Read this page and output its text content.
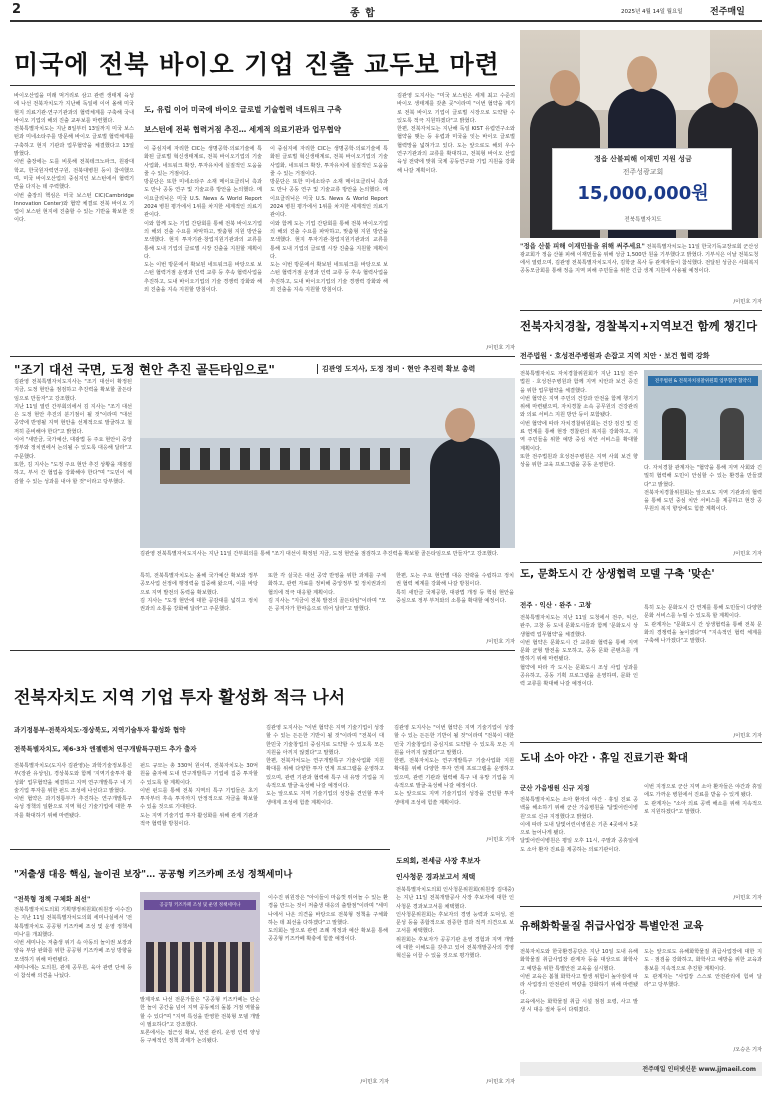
2	종 합	2025년 4월 14일 월요일	전주매일
미국에 전북 바이오 기업 진출 교두보 마련
바이오산업을 미래 먹거리로 삼고 관련 생태계 육성에 나선 전북자치도가 지난해 독일에 이어 올해 미국 현지 의료기관·연구기관과의 협력체계를 구축해 국내 바이오 기업의 해외 진출 교두보를 마련했다.
전북특별자치도는 지난 8일부터 13일까지 미국 보스턴과 미네소타주를 방문해 바이오 글로벌 협력체계를 구축하고 현지 기관과 업무협약을 체결했다고 13일 밝혔다.
이번 출장에는 도를 비롯해 전북테크노파크, 원광대학교, 한국원자력연구원, 전북대병원 등이 참여했으며, 미국 바이오산업의 중심지인 보스턴에서 협력기반을 다지는 데 주력했다.
이번 출장의 핵심은 미국 보스턴 CIC(Cambridge Innovation Center)와 협약 체결로 전북 바이오 기업이 보스턴 현지에 진출할 수 있는 기반을 확보한 것이다.
도, 유럽 이어 미국에 바이오 글로벌 기술협력 네트워크 구축
보스턴에 전북 협력거점 추진… 세계적 의료기관과 업무협약
이 중심지에 자리한 CIC는 생명공학·의료기술에 특화된 글로벌 혁신생태계로, 전북 바이오기업의 기술사업화, 네트워크 확장, 투자유치에 실질적인 도움을 줄 수 있는 거점이다.
방문단은 또한 미네소타주 소재 메이요클리닉 측과도 만나 공동 연구 및 기술교류 방안을 논의했다. 메이요클리닉은 미국 U.S. News & World Report 2024 병원 평가에서 1위를 차지한 세계적인 의료기관이다.
이와 함께 도는 기업 간담회를 통해 전북 바이오기업의 해외 진출 수요를 파악하고, 맞춤형 지원 방안을 모색했다. 현지 투자기관·창업지원기관과의 교류를 통해 도내 기업의 글로벌 시장 진출을 지원할 계획이다.
도는 이번 방문에서 확보된 네트워크를 바탕으로 보스턴 협력거점 운영과 인력 교류 등 후속 협력사업을 추진하고, 도내 바이오기업의 기술 경쟁력 강화와 해외 진출을 지속 지원할 방침이다.
이 중심지에 자리한 CIC는 생명공학·의료기술에 특화된 글로벌 혁신생태계로, 전북 바이오기업의 기술사업화, 네트워크 확장, 투자유치에 실질적인 도움을 줄 수 있는 거점이다.
방문단은 또한 미네소타주 소재 메이요클리닉 측과도 만나 공동 연구 및 기술교류 방안을 논의했다. 메이요클리닉은 미국 U.S. News & World Report 2024 병원 평가에서 1위를 차지한 세계적인 의료기관이다.
이와 함께 도는 기업 간담회를 통해 전북 바이오기업의 해외 진출 수요를 파악하고, 맞춤형 지원 방안을 모색했다. 현지 투자기관·창업지원기관과의 교류를 통해 도내 기업의 글로벌 시장 진출을 지원할 계획이다.
도는 이번 방문에서 확보된 네트워크를 바탕으로 보스턴 협력거점 운영과 인력 교류 등 후속 협력사업을 추진하고, 도내 바이오기업의 기술 경쟁력 강화와 해외 진출을 지속 지원할 방침이다.
김관영 도지사는 "미국 보스턴은 세계 최고 수준의 바이오 생태계를 갖춘 곳"이라며 "이번 협약을 계기로 전북 바이오 기업이 글로벌 시장으로 도약할 수 있도록 적극 지원하겠다"고 밝혔다.
한편, 전북자치도는 지난해 독일 KIST 유럽연구소와 협약을 맺는 등 유럽과 미국을 잇는 바이오 글로벌 협력망을 넓혀가고 있다. 도는 앞으로도 해외 우수 연구기관과의 교류를 확대하고, 전북형 바이오 산업 육성 전략에 맞춰 국제 공동연구와 기업 지원을 강화해 나갈 계획이다.
/이민호 기자
정읍 산불피해 이재민 지원 성금
전주성광교회
15,000,000원
전북특별자치도
"정읍 산불 피해 이재민들을 위해 써주세요" 전북특별자치도는 11일 한국기독교장로회 군산성광교회가 정읍 산불 피해 이재민들을 위해 성금 1,500만 원을 기부했다고 밝혔다. 기부식은 이날 전북도청에서 열렸으며, 김관영 전북특별자치도지사, 김학균 목사 등 관계자들이 참석했다. 전달된 성금은 사회복지공동모금회를 통해 정읍 지역 피해 주민들을 위한 긴급 생계 지원에 사용될 예정이다.
/이민호 기자
전북자치경찰, 경찰복지+지역보건 함께 챙긴다
전주법원 · 호성전주병원과 손잡고 지역 치안 · 보건 협력 강화
전북특별자치도 자치경찰위원회가 지난 11일 전주법원 · 호성전주병원과 함께 지역 치안과 보건 증진을 위한 업무협약을 체결했다.
이번 협약은 지역 주민의 건강과 안전을 함께 챙기기 위해 마련됐으며, 자치경찰 소속 공무원의 건강관리와 의료 서비스 지원 방안 등이 포함됐다.
이번 협약에 따라 자치경찰위원회는 건강 검진 및 진료 연계를 통해 현장 경찰관의 복지를 강화하고, 지역 주민들을 위한 예방 중심 치안 서비스를 확대할 계획이다.
또한 전주법원과 호성전주병원은 지역 사회 보건 향상을 위한 교육 프로그램을 공동 운영한다.
전주법원 & 전북자치경찰위원회 업무협약 협약식
다. 자치경찰 관계자는 "협약을 통해 지역 사회와 긴밀히 협력해 도민이 안심할 수 있는 환경을 만들겠다"고 밝혔다.
전북자치경찰위원회는 앞으로도 지역 기관과의 협력을 통해 도민 중심 치안 서비스를 제공하고 현장 공무원의 복지 향상에도 힘쓸 계획이다.
/이민호 기자
"조기 대선 국면, 도정 현안 추진 골든타임으로"	김관영 도지사, 도정 정비 · 현안 추진력 확보 총력
김관영 전북특별자치도지사는 "조기 대선이 확정된 지금, 도정 현안을 점검하고 추진력을 확보할 골든타임으로 만들자"고 강조했다.
지난 11일 열린 간부회의에서 김 지사는 "조기 대선은 도정 현안 추진의 분기점이 될 것"이라며 "대선 공약에 반영될 지역 현안을 선제적으로 발굴하고 철저히 준비해야 한다"고 밝혔다.
이어 "새만금, 국가예산, 대광법 등 주요 현안이 중앙정부와 정치권에서 논의될 수 있도록 대응해 달라"고 주문했다.
또한, 김 지사는 "도정 주요 현안 추진 상황을 재점검하고, 부서 간 협업을 강화해야 한다"며 "도민이 체감할 수 있는 성과를 내야 할 것"이라고 당부했다.
김관영 전북특별자치도지사는 지난 11일 간부회의를 통해 "조기 대선이 확정된 지금, 도정 현안을 점검하고 추진력을 확보할 골든타임으로 만들자"고 강조했다.
특히, 전북특별자치도는 올해 국가예산 확보와 정부 공모사업 선정에 행정력을 집중해 왔으며, 이를 바탕으로 지역 발전의 동력을 확보했다.
김 지사는 "도정 현안에 대한 공감대를 넓히고 정치권과의 소통을 강화해 달라"고 주문했다.
또한 각 실국은 대선 공약 반영을 위한 과제를 구체화하고, 관련 자료를 정비해 중앙정부 및 정치권과의 협의에 적극 대응할 계획이다.
김 지사는 "지금이 전북 발전의 골든타임"이라며 "모든 공직자가 한마음으로 뛰어 달라"고 말했다.
한편, 도는 주요 현안별 대응 전략을 수립하고 정치권 협력 체계를 강화해 나갈 방침이다.
특히 새만금 국제공항, 대광법 개정 등 핵심 현안을 중심으로 정부 부처와의 소통을 확대할 예정이다.
/이민호 기자
도, 문화도시 간 상생협력 모델 구축 '맞손'
전주 · 익산 · 완주 · 고창
전북특별자치도는 지난 11일 도청에서 전주, 익산, 완주, 고창 등 도내 문화도시들과 함께 '문화도시 상생협력 업무협약'을 체결했다.
이번 협약은 문화도시 간 교류와 협력을 통해 지역 문화 균형 발전을 도모하고, 공동 문화 콘텐츠를 개발하기 위해 마련됐다.
협약에 따라 각 도시는 문화도시 조성 사업 성과를 공유하고, 공동 기획 프로그램을 운영하며, 문화 인력 교류를 확대해 나갈 예정이다.
특히 도는 문화도시 간 연계를 통해 도민들이 다양한 문화 서비스를 누릴 수 있도록 할 계획이다.
도 관계자는 "문화도시 간 상생협력을 통해 전북 문화의 경쟁력을 높이겠다"며 "지속적인 협력 체계를 구축해 나가겠다"고 말했다.
/이민호 기자
전북자치도 지역 기업 투자 활성화 적극 나서
과기정통부-전북자치도·경상북도, 지역기술투자 활성화 협약
전북특별자치도, 제6-3차 엔젤벤처 연구개발특구펀드 추가 출자
전북특별자치도(도지사 김관영)는 과학기술정보통신부(장관 유상임), 경상북도와 함께 '지역기술투자 활성화' 업무협약을 체결하고 지역 연구개발특구 내 기술기업 투자를 위한 펀드 조성에 나선다고 밝혔다.
이번 협약은 과기정통부가 추진하는 연구개발특구 육성 정책의 일환으로 지역 혁신 기술기업에 대한 투자를 확대하기 위해 마련됐다.
펀드 규모는 총 330억 원이며, 전북자치도는 30억 원을 출자해 도내 연구개발특구 기업에 집중 투자할 수 있도록 할 계획이다.
이번 펀드를 통해 전북 지역의 특구 기업들은 초기 투자부터 후속 투자까지 안정적으로 자금을 확보할 수 있을 것으로 기대된다.
도는 지역 기술기업 투자 활성화를 위해 관계 기관과 적극 협력할 방침이다.
김관영 도지사는 "이번 협약은 지역 기술기업이 성장할 수 있는 든든한 기반이 될 것"이라며 "전북이 대한민국 기술창업의 중심지로 도약할 수 있도록 모든 지원을 아끼지 않겠다"고 말했다.
한편, 전북자치도는 연구개발특구 기술사업화 지원 확대를 위해 다양한 투자 연계 프로그램을 운영하고 있으며, 관련 기관과 협력해 특구 내 유망 기업을 지속적으로 발굴·육성해 나갈 예정이다.
도는 앞으로도 지역 기술기업의 성장을 견인할 투자 생태계 조성에 힘쓸 계획이다.
김관영 도지사는 "이번 협약은 지역 기술기업이 성장할 수 있는 든든한 기반이 될 것"이라며 "전북이 대한민국 기술창업의 중심지로 도약할 수 있도록 모든 지원을 아끼지 않겠다"고 말했다.
한편, 전북자치도는 연구개발특구 기술사업화 지원 확대를 위해 다양한 투자 연계 프로그램을 운영하고 있으며, 관련 기관과 협력해 특구 내 유망 기업을 지속적으로 발굴·육성해 나갈 예정이다.
도는 앞으로도 지역 기술기업의 성장을 견인할 투자 생태계 조성에 힘쓸 계획이다.
/이민호 기자
도내 소아 야간 · 휴일 진료기관 확대
군산 가음병원 신규 지정
전북특별자치도는 소아 환자의 야간 · 휴일 진료 공백을 해소하기 위해 군산 가음병원을 '달빛어린이병원'으로 신규 지정했다고 밝혔다.
이에 따라 도내 달빛어린이병원은 기존 4곳에서 5곳으로 늘어나게 됐다.
달빛어린이병원은 평일 오후 11시, 주말과 공휴일에도 소아 환자 진료를 제공하는 의료기관이다.
이번 지정으로 군산 지역 소아 환자들은 야간과 휴일에도 가까운 병원에서 진료를 받을 수 있게 됐다.
도 관계자는 "소아 의료 공백 해소를 위해 지속적으로 지원하겠다"고 말했다.
/이민호 기자
"저출생 대응 핵심, 놀이권 보장"… 공공형 키즈카페 조성 정책세미나
"전북형 정책 구체화 최선"
전북특별자치도의회 기획행정위원회(위원장 이수진)는 지난 11일 전북특별자치도의회 세미나실에서 '전북특별자치도 공공형 키즈카페 조성 및 운영 정책세미나'를 개최했다.
이번 세미나는 저출생 위기 속 아동의 놀이권 보장과 양육 부담 완화를 위한 공공형 키즈카페 조성 방향을 모색하기 위해 마련됐다.
세미나에는 도의원, 관계 공무원, 육아 관련 단체 등이 참석해 의견을 나눴다.
공공형 키즈카페 조성 및 운영 정책세미나
발제자로 나선 전문가들은 "공공형 키즈카페는 단순한 놀이 공간을 넘어 지역 공동체의 돌봄 거점 역할을 할 수 있다"며 "지역 특성을 반영한 전북형 모델 개발이 필요하다"고 강조했다.
토론에서는 접근성 확보, 안전 관리, 운영 인력 양성 등 구체적인 정책 과제가 논의됐다.
이수진 위원장은 "아이들이 마음껏 뛰어놀 수 있는 환경을 만드는 것이 저출생 대응의 출발점"이라며 "세미나에서 나온 의견을 바탕으로 전북형 정책을 구체화하는 데 최선을 다하겠다"고 말했다.
도의회는 앞으로 관련 조례 개정과 예산 확보를 통해 공공형 키즈카페 확충에 힘쓸 예정이다.
/이민호 기자
도의회, 전세금 사장 후보자
인사청문 경과보고서 채택
전북특별자치도의회 인사청문위원회(위원장 김대중)는 지난 11일 전북개발공사 사장 후보자에 대한 인사청문 경과보고서를 채택했다.
인사청문위원회는 후보자의 경영 능력과 도덕성, 전문성 등을 종합적으로 검증한 결과 적격 의견으로 보고서를 채택했다.
위원회는 후보자가 공공기관 운영 경험과 지역 개발에 대한 이해도를 갖추고 있어 전북개발공사의 경영 혁신을 이끌 수 있을 것으로 평가했다.
/이민호 기자
유해화학물질 취급사업장 특별안전 교육
전북자치도와 한국환경공단은 지난 10일 도내 유해화학물질 취급사업장 관계자 등을 대상으로 화학사고 예방을 위한 특별안전 교육을 실시했다.
이번 교육은 봄철 화학사고 발생 위험이 높아짐에 따라 사업장의 안전관리 역량을 강화하기 위해 마련됐다.
교육에서는 화학물질 취급 시설 점검 요령, 사고 발생 시 대응 절차 등이 다뤄졌다.
도는 앞으로도 유해화학물질 취급사업장에 대한 지도 · 점검을 강화하고, 화학사고 예방을 위한 교육과 홍보를 지속적으로 추진할 계획이다.
도 관계자는 "사업장 스스로 안전관리에 힘써 달라"고 당부했다.
/오승은 기자
전주매일 인터넷신문 www.jjmaeil.com
